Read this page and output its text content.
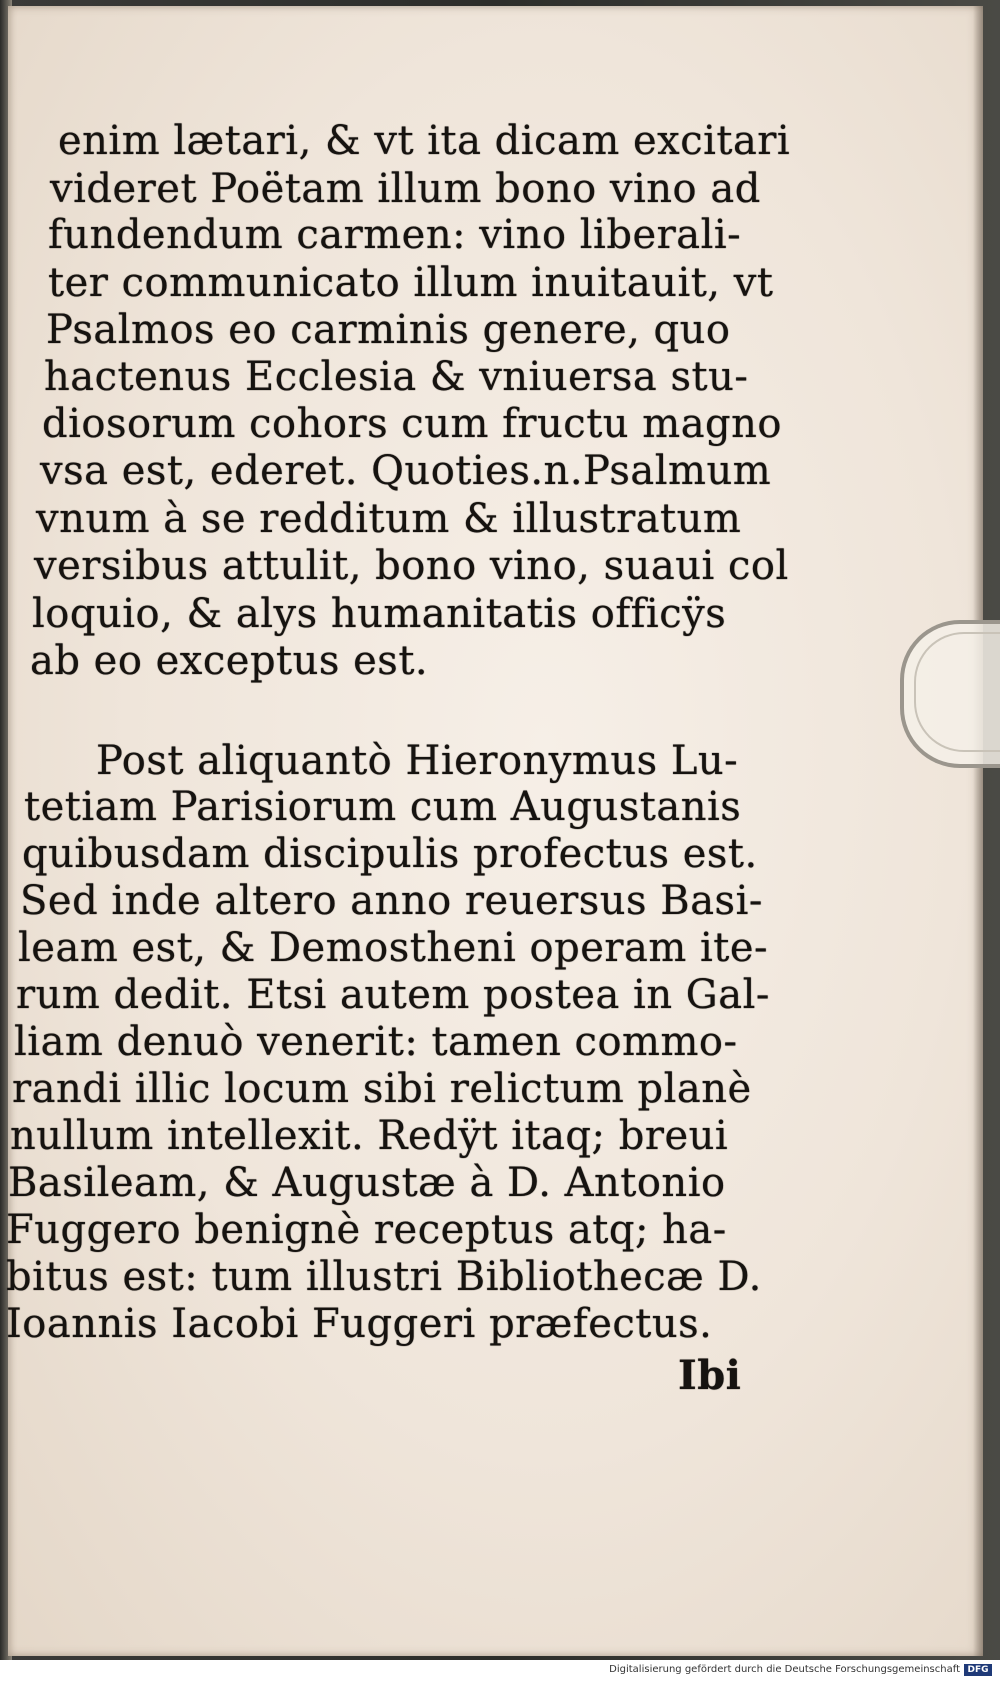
enim lætari, & vt ita dicam excitari
videret Poëtam illum bono vino ad
fundendum carmen: vino liberali-
ter communicato illum inuitauit, vt
Psalmos eo carminis genere, quo
hactenus Ecclesia & vniuersa stu-
diosorum cohors cum fructu magno
vsa est, ederet. Quoties.n.Psalmum
vnum à se redditum & illustratum
versibus attulit, bono vino, suaui col
loquio, & alys humanitatis officÿs
ab eo exceptus est.
Post aliquantò Hieronymus Lu-
tetiam Parisiorum cum Augustanis
quibusdam discipulis profectus est.
Sed inde altero anno reuersus Basi-
leam est, & Demostheni operam ite-
rum dedit. Etsi autem postea in Gal-
liam denuò venerit: tamen commo-
randi illic locum sibi relictum planè
nullum intellexit. Redÿt itaq; breui
Basileam, & Augustæ à D. Antonio
Fuggero benignè receptus atq; ha-
bitus est: tum illustri Bibliothecæ D.
Ioannis Iacobi Fuggeri præfectus.
Ibi
Digitalisierung gefördert durch die Deutsche Forschungsgemeinschaft DFG
